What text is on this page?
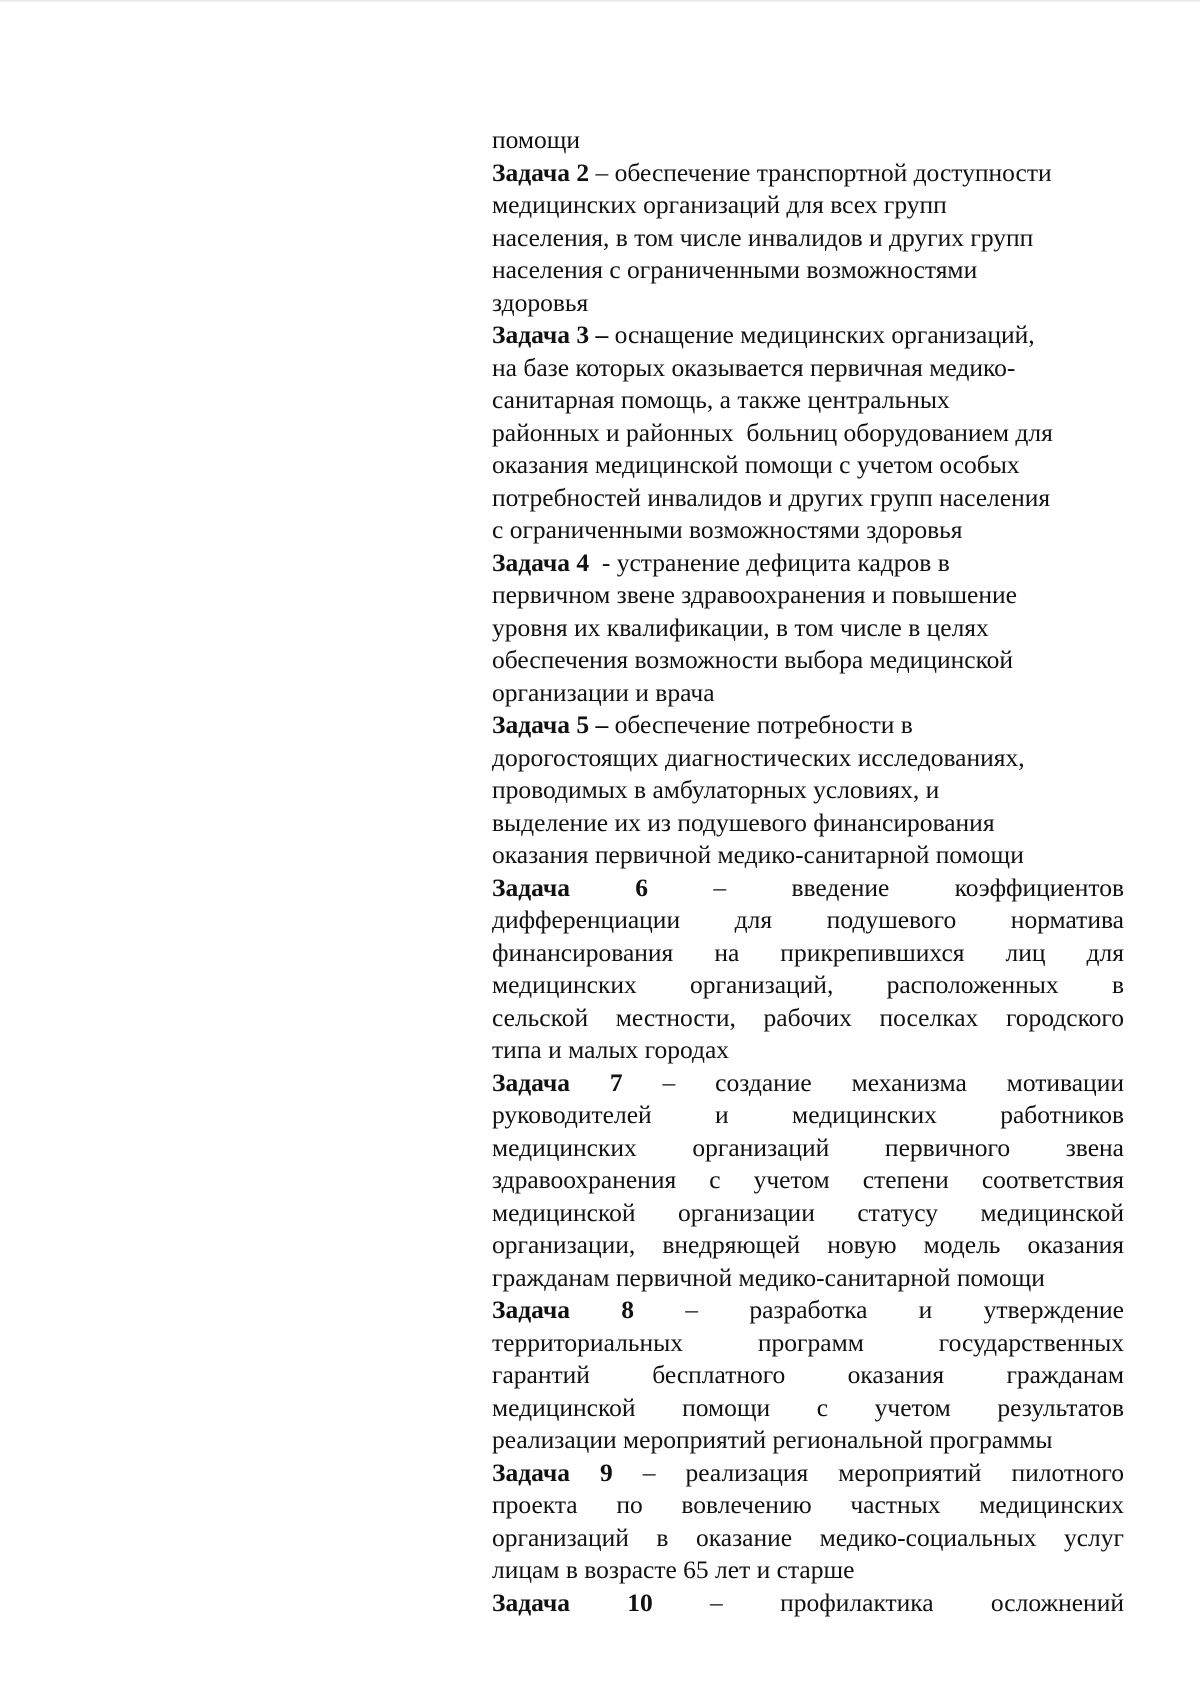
помощи
Задача 2 – обеспечение транспортной доступности
медицинских организаций для всех групп
населения, в том числе инвалидов и других групп
населения с ограниченными возможностями
здоровья
Задача 3 – оснащение медицинских организаций,
на базе которых оказывается первичная медико-
санитарная помощь, а также центральных
районных и районных  больниц оборудованием для
оказания медицинской помощи с учетом особых
потребностей инвалидов и других групп населения
с ограниченными возможностями здоровья
Задача 4  - устранение дефицита кадров в
первичном звене здравоохранения и повышение
уровня их квалификации, в том числе в целях
обеспечения возможности выбора медицинской
организации и врача
Задача 5 – обеспечение потребности в
дорогостоящих диагностических исследованиях,
проводимых в амбулаторных условиях, и
выделение их из подушевого финансирования
оказания первичной медико-санитарной помощи
Задача 6 – введение коэффициентов
дифференциации для подушевого норматива
финансирования на прикрепившихся лиц для
медицинских организаций, расположенных в
сельской местности, рабочих поселках городского
типа и малых городах
Задача 7 – создание механизма мотивации
руководителей и медицинских работников
медицинских организаций первичного звена
здравоохранения с учетом степени соответствия
медицинской организации статусу медицинской
организации, внедряющей новую модель оказания
гражданам первичной медико-санитарной помощи
Задача 8 – разработка и утверждение
территориальных программ государственных
гарантий бесплатного оказания гражданам
медицинской помощи с учетом результатов
реализации мероприятий региональной программы
Задача 9 – реализация мероприятий пилотного
проекта по вовлечению частных медицинских
организаций в оказание медико-социальных услуг
лицам в возрасте 65 лет и старше
Задача 10 – профилактика осложнений
